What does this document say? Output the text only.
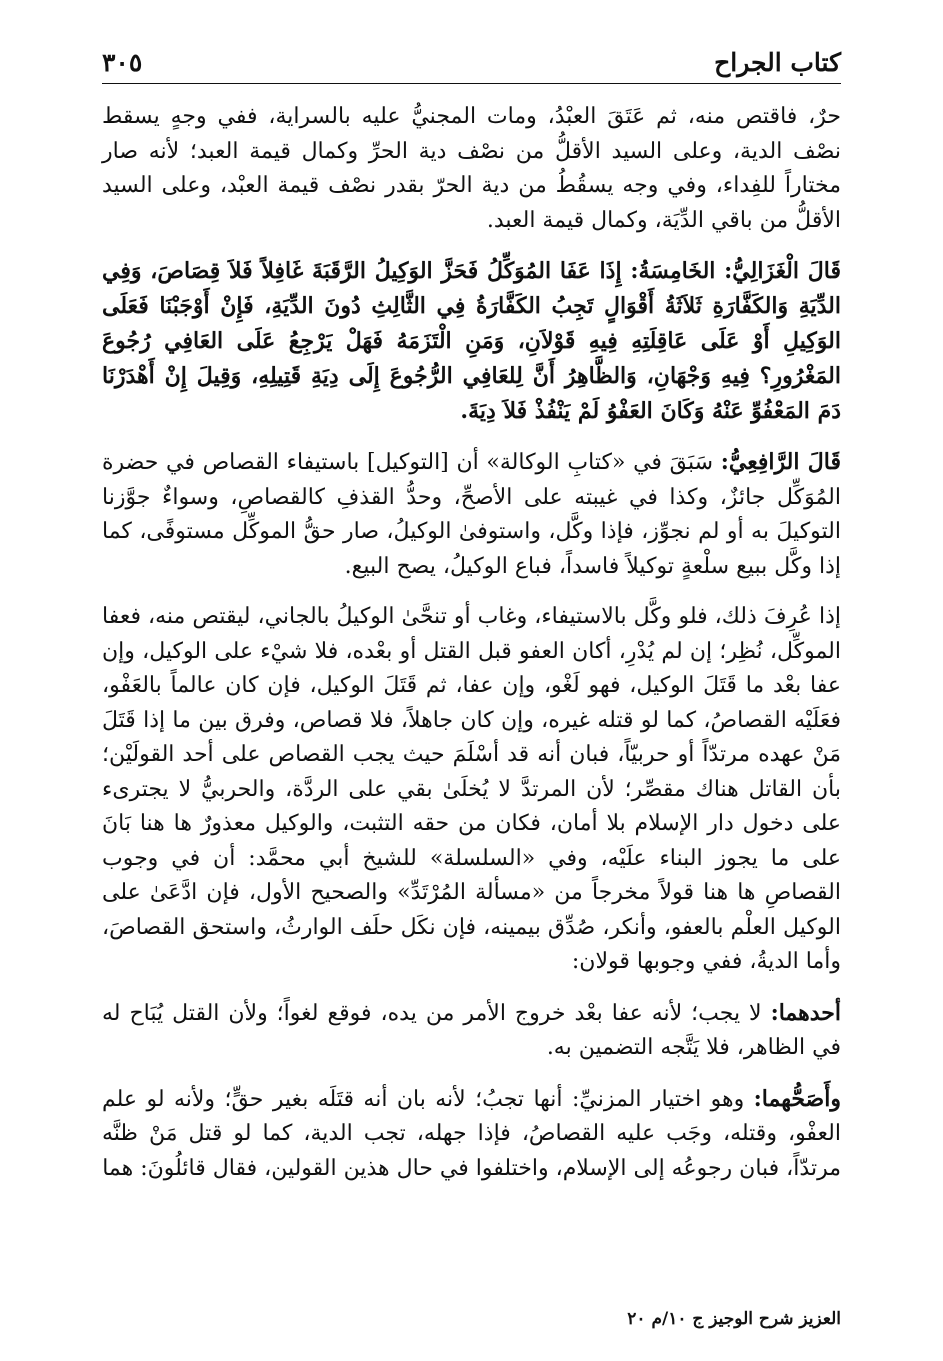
كتاب الجراح
٣٠٥

حرٌ، فاقتص منه، ثم عَتَقَ العبْدُ، ومات المجنيُّ عليه بالسراية، ففي وجهٍ يسقط نصْف الدية، وعلى السيد الأقلُّ من نصْف دية الحرِّ وكمال قيمة العبد؛ لأنه صار مختاراً للفِداء، وفي وجه يسقُطُ من دية الحرّ بقدر نصْف قيمة العبْد، وعلى السيد الأقلُّ من باقي الدِّيَة، وكمال قيمة العبد.

قَالَ الْغَزَالِيُّ: الخَامِسَةُ: إِذَا عَفَا المُوَكِّلُ فَحَزَّ الوَكِيلُ الرَّقَبَةَ غَافِلاً فَلاَ قِصَاصَ، وَفِي الدِّيَةِ وَالكَفَّارَةِ ثَلاَثَةُ أَقْوَالٍ تَجِبُ الكَفَّارَةُ فِي الثَّالِثِ دُونَ الدِّيَةِ، فَإِنْ أَوْجَبْنَا فَعَلَى الوَكِيلِ أَوْ عَلَى عَاقِلَتِهِ فِيهِ قَوْلاَنِ، وَمَنِ الْتَزَمَهُ فَهَلْ يَرْجِعُ عَلَى العَافِي رُجُوعَ المَغْرُورِ؟ فِيهِ وَجْهَانِ، وَالظَّاهِرُ أَنَّ لِلعَافِي الرُّجُوعَ إِلَى دِيَةِ قَتِيلِهِ، وَقِيلَ إِنْ أَهْدَرْنَا دَمَ المَعْفُوِّ عَنْهُ وَكَانَ العَفْوُ لَمْ يَنْفُذْ فَلاَ دِيَةَ.

قَالَ الرَّافِعِيُّ: سَبَقَ في «كتابِ الوكالة» أن [التوكيل] باستيفاء القصاص في حضرة المُوَكِّل جائزٌ، وكذا في غيبته على الأصحِّ، وحدُّ القذفِ كالقصاصِ، وسواءٌ جوَّزنا التوكيلَ به أو لم نجوِّز، فإذا وكَّل، واستوفىٰ الوكيلُ، صار حقُّ الموكِّل مستوفًى، كما إذا وكَّل ببيع سلْعةٍ توكيلاً فاسداً، فباع الوكيلُ، يصح البيع.

إذا عُرِفَ ذلك، فلو وكَّل بالاستيفاء، وغاب أو تنحَّىٰ الوكيلُ بالجاني، ليقتص منه، فعفا الموكِّل، نُظِر؛ إن لم يُدْرِ، أكان العفو قبل القتل أو بعْده، فلا شيْء على الوكيل، وإن عفا بعْد ما قَتَلَ الوكيل، فهو لَغْو، وإن عفا، ثم قَتَلَ الوكيل، فإن كان عالماً بالعَفْو، فعَلَيْه القصاصُ، كما لو قتله غيره، وإن كان جاهلاً، فلا قصاص، وفرق بين ما إذا قَتَلَ مَنْ عهده مرتدّاً أو حربيّاً، فبان أنه قد أسْلَمَ حيث يجب القصاص على أحد القولَيْن؛ بأن القاتل هناك مقصِّر؛ لأن المرتدَّ لا يُخلَىٰ بقي على الردَّة، والحربيُّ لا يجترىء على دخول دار الإسلام بلا أمان، فكان من حقه التثبت، والوكيل معذورٌ ها هنا بَانَ على ما يجوز البناء علَيْه، وفي «السلسلة» للشيخ أبي محمَّد: أن في وجوب القصاصِ ها هنا قولاً مخرجاً من «مسألة المُرْتَدِّ» والصحيح الأول، فإن ادَّعَىٰ على الوكيل العلْم بالعفو، وأنكر، صُدِّق بيمينه، فإن نكَل حلَف الوارثُ، واستحق القصاصَ، وأما الديةُ، ففي وجوبها قولان:

أحدهما: لا يجب؛ لأنه عفا بعْد خروج الأمر من يده، فوقع لغواً؛ ولأن القتل يُبَاح له في الظاهر، فلا يَتَّجه التضمين به.

وأَصَحُّهما: وهو اختيار المزنيِّ: أنها تجبُ؛ لأنه بان أنه قتَلَه بغير حقٍّ؛ ولأنه لو علم العفْو، وقتله، وجَب عليه القصاصُ، فإذا جهله، تجب الدية، كما لو قتل مَنْ ظنَّه مرتدّاً، فبان رجوعُه إلى الإسلام، واختلفوا في حال هذين القولين، فقال قائلُونَ: هما

العزيز شرح الوجيز ج ١٠/م ٢٠
